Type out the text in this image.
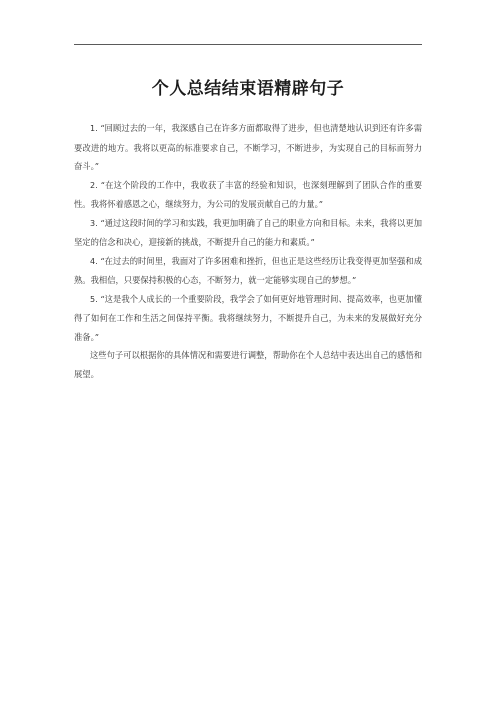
个人总结结束语精辟句子

1. “回顾过去的一年，我深感自己在许多方面都取得了进步，但也清楚地认识到还有许多需要改进的地方。我将以更高的标准要求自己，不断学习，不断进步，为实现自己的目标而努力奋斗。”

2. “在这个阶段的工作中，我收获了丰富的经验和知识，也深刻理解到了团队合作的重要性。我将怀着感恩之心，继续努力，为公司的发展贡献自己的力量。”

3. “通过这段时间的学习和实践，我更加明确了自己的职业方向和目标。未来，我将以更加坚定的信念和决心，迎接新的挑战，不断提升自己的能力和素质。”

4. “在过去的时间里，我面对了许多困难和挫折，但也正是这些经历让我变得更加坚强和成熟。我相信，只要保持积极的心态，不断努力，就一定能够实现自己的梦想。”

5. “这是我个人成长的一个重要阶段，我学会了如何更好地管理时间、提高效率，也更加懂得了如何在工作和生活之间保持平衡。我将继续努力，不断提升自己，为未来的发展做好充分准备。”

这些句子可以根据你的具体情况和需要进行调整，帮助你在个人总结中表达出自己的感悟和展望。
